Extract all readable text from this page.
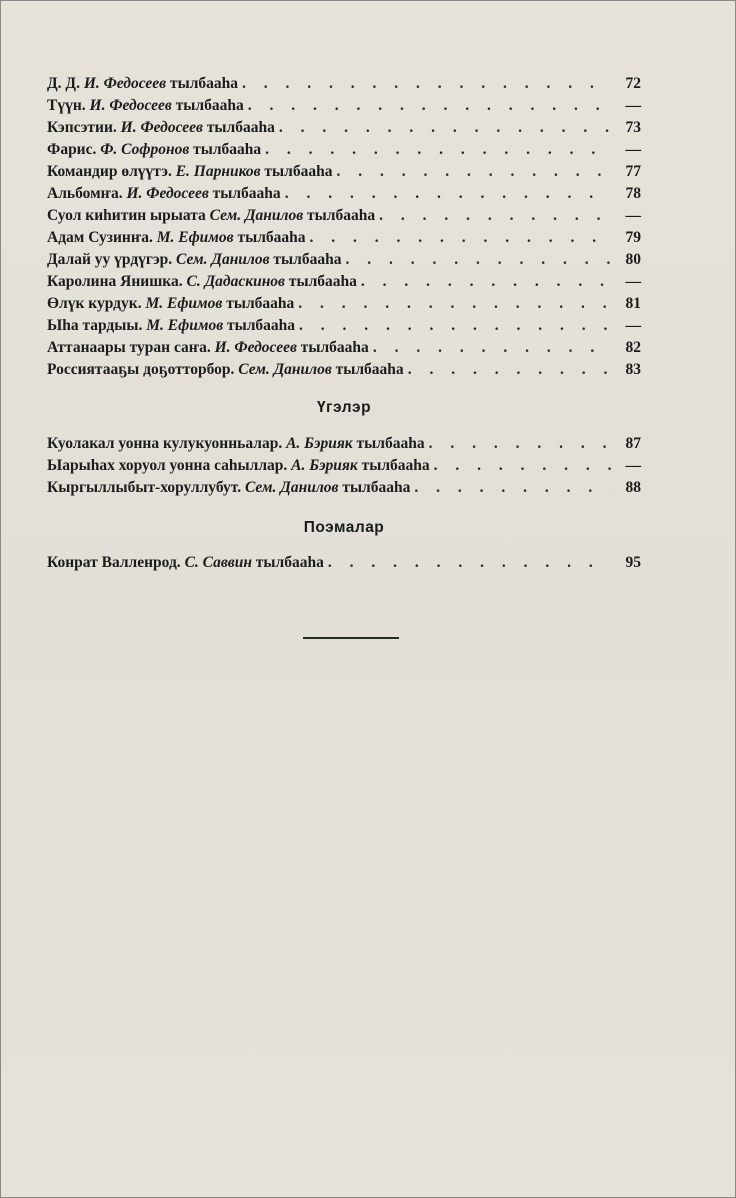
Д. Д. И. Федосеев тылбааһа . . .	72
Түүн. И. Федосеев тылбааһа . . .	—
Кэпсэтии. И. Федосеев тылбааһа . . .	73
Фарис. Ф. Софронов тылбааһа . . .	—
Командир өлүүтэ. Е. Парников тылбааһа . . .	77
Альбомҥа. И. Федосеев тылбааһа . . .	78
Суол киһитин ырыата Сем. Данилов тылбааһа . . .	—
Адам Сузинҥа. М. Ефимов тылбааһа . . .	79
Далай уу үрдүгэр. Сем. Данилов тылбааһа . . .	80
Каролина Янишка. С. Дадаскинов тылбааһа . . .	—
Өлүк курдук. М. Ефимов тылбааһа . . .	81
Ыһа тардыы. М. Ефимов тылбааһа . . .	—
Аттанаары туран саҥа. И. Федосеев тылбааһа . . .	82
Россиятааҕы доҕотторбор. Сем. Данилов тылбааһа . . .	83
Үгэлэр
Куолакал уонна кулукуонньалар. А. Бэрияк тылбааһа . . .	87
Ыарыһах хоруол уонна саһыллар. А. Бэрияк тылбааһа . . .	—
Кыргыллыбыт-хоруллубут. Сем. Данилов тылбааһа . . .	88
Поэмалар
Конрат Валленрод. С. Саввин тылбааһа . . .	95
